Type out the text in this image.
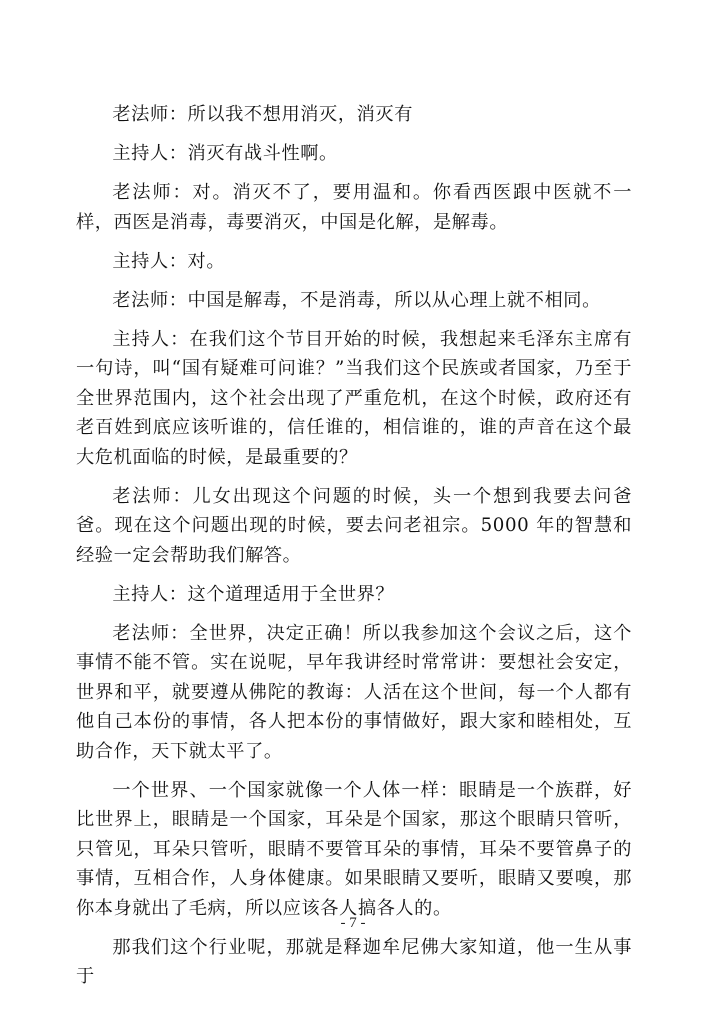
老法师：所以我不想用消灭，消灭有

主持人：消灭有战斗性啊。

老法师：对。消灭不了，要用温和。你看西医跟中医就不一样，西医是消毒，毒要消灭，中国是化解，是解毒。

主持人：对。

老法师：中国是解毒，不是消毒，所以从心理上就不相同。

主持人：在我们这个节目开始的时候，我想起来毛泽东主席有一句诗，叫“国有疑难可问谁？”当我们这个民族或者国家，乃至于全世界范围内，这个社会出现了严重危机，在这个时候，政府还有老百姓到底应该听谁的，信任谁的，相信谁的，谁的声音在这个最大危机面临的时候，是最重要的？

老法师：儿女出现这个问题的时候，头一个想到我要去问爸爸。现在这个问题出现的时候，要去问老祖宗。5000 年的智慧和经验一定会帮助我们解答。

主持人：这个道理适用于全世界？

老法师：全世界，决定正确！所以我参加这个会议之后，这个事情不能不管。实在说呢，早年我讲经时常常讲：要想社会安定，世界和平，就要遵从佛陀的教诲：人活在这个世间，每一个人都有他自己本份的事情，各人把本份的事情做好，跟大家和睦相处，互助合作，天下就太平了。

一个世界、一个国家就像一个人体一样：眼睛是一个族群，好比世界上，眼睛是一个国家，耳朵是个国家，那这个眼睛只管听，只管见，耳朵只管听，眼睛不要管耳朵的事情，耳朵不要管鼻子的事情，互相合作，人身体健康。如果眼睛又要听，眼睛又要嗅，那你本身就出了毛病，所以应该各人搞各人的。

那我们这个行业呢，那就是释迦牟尼佛大家知道，他一生从事于

- 7 -
